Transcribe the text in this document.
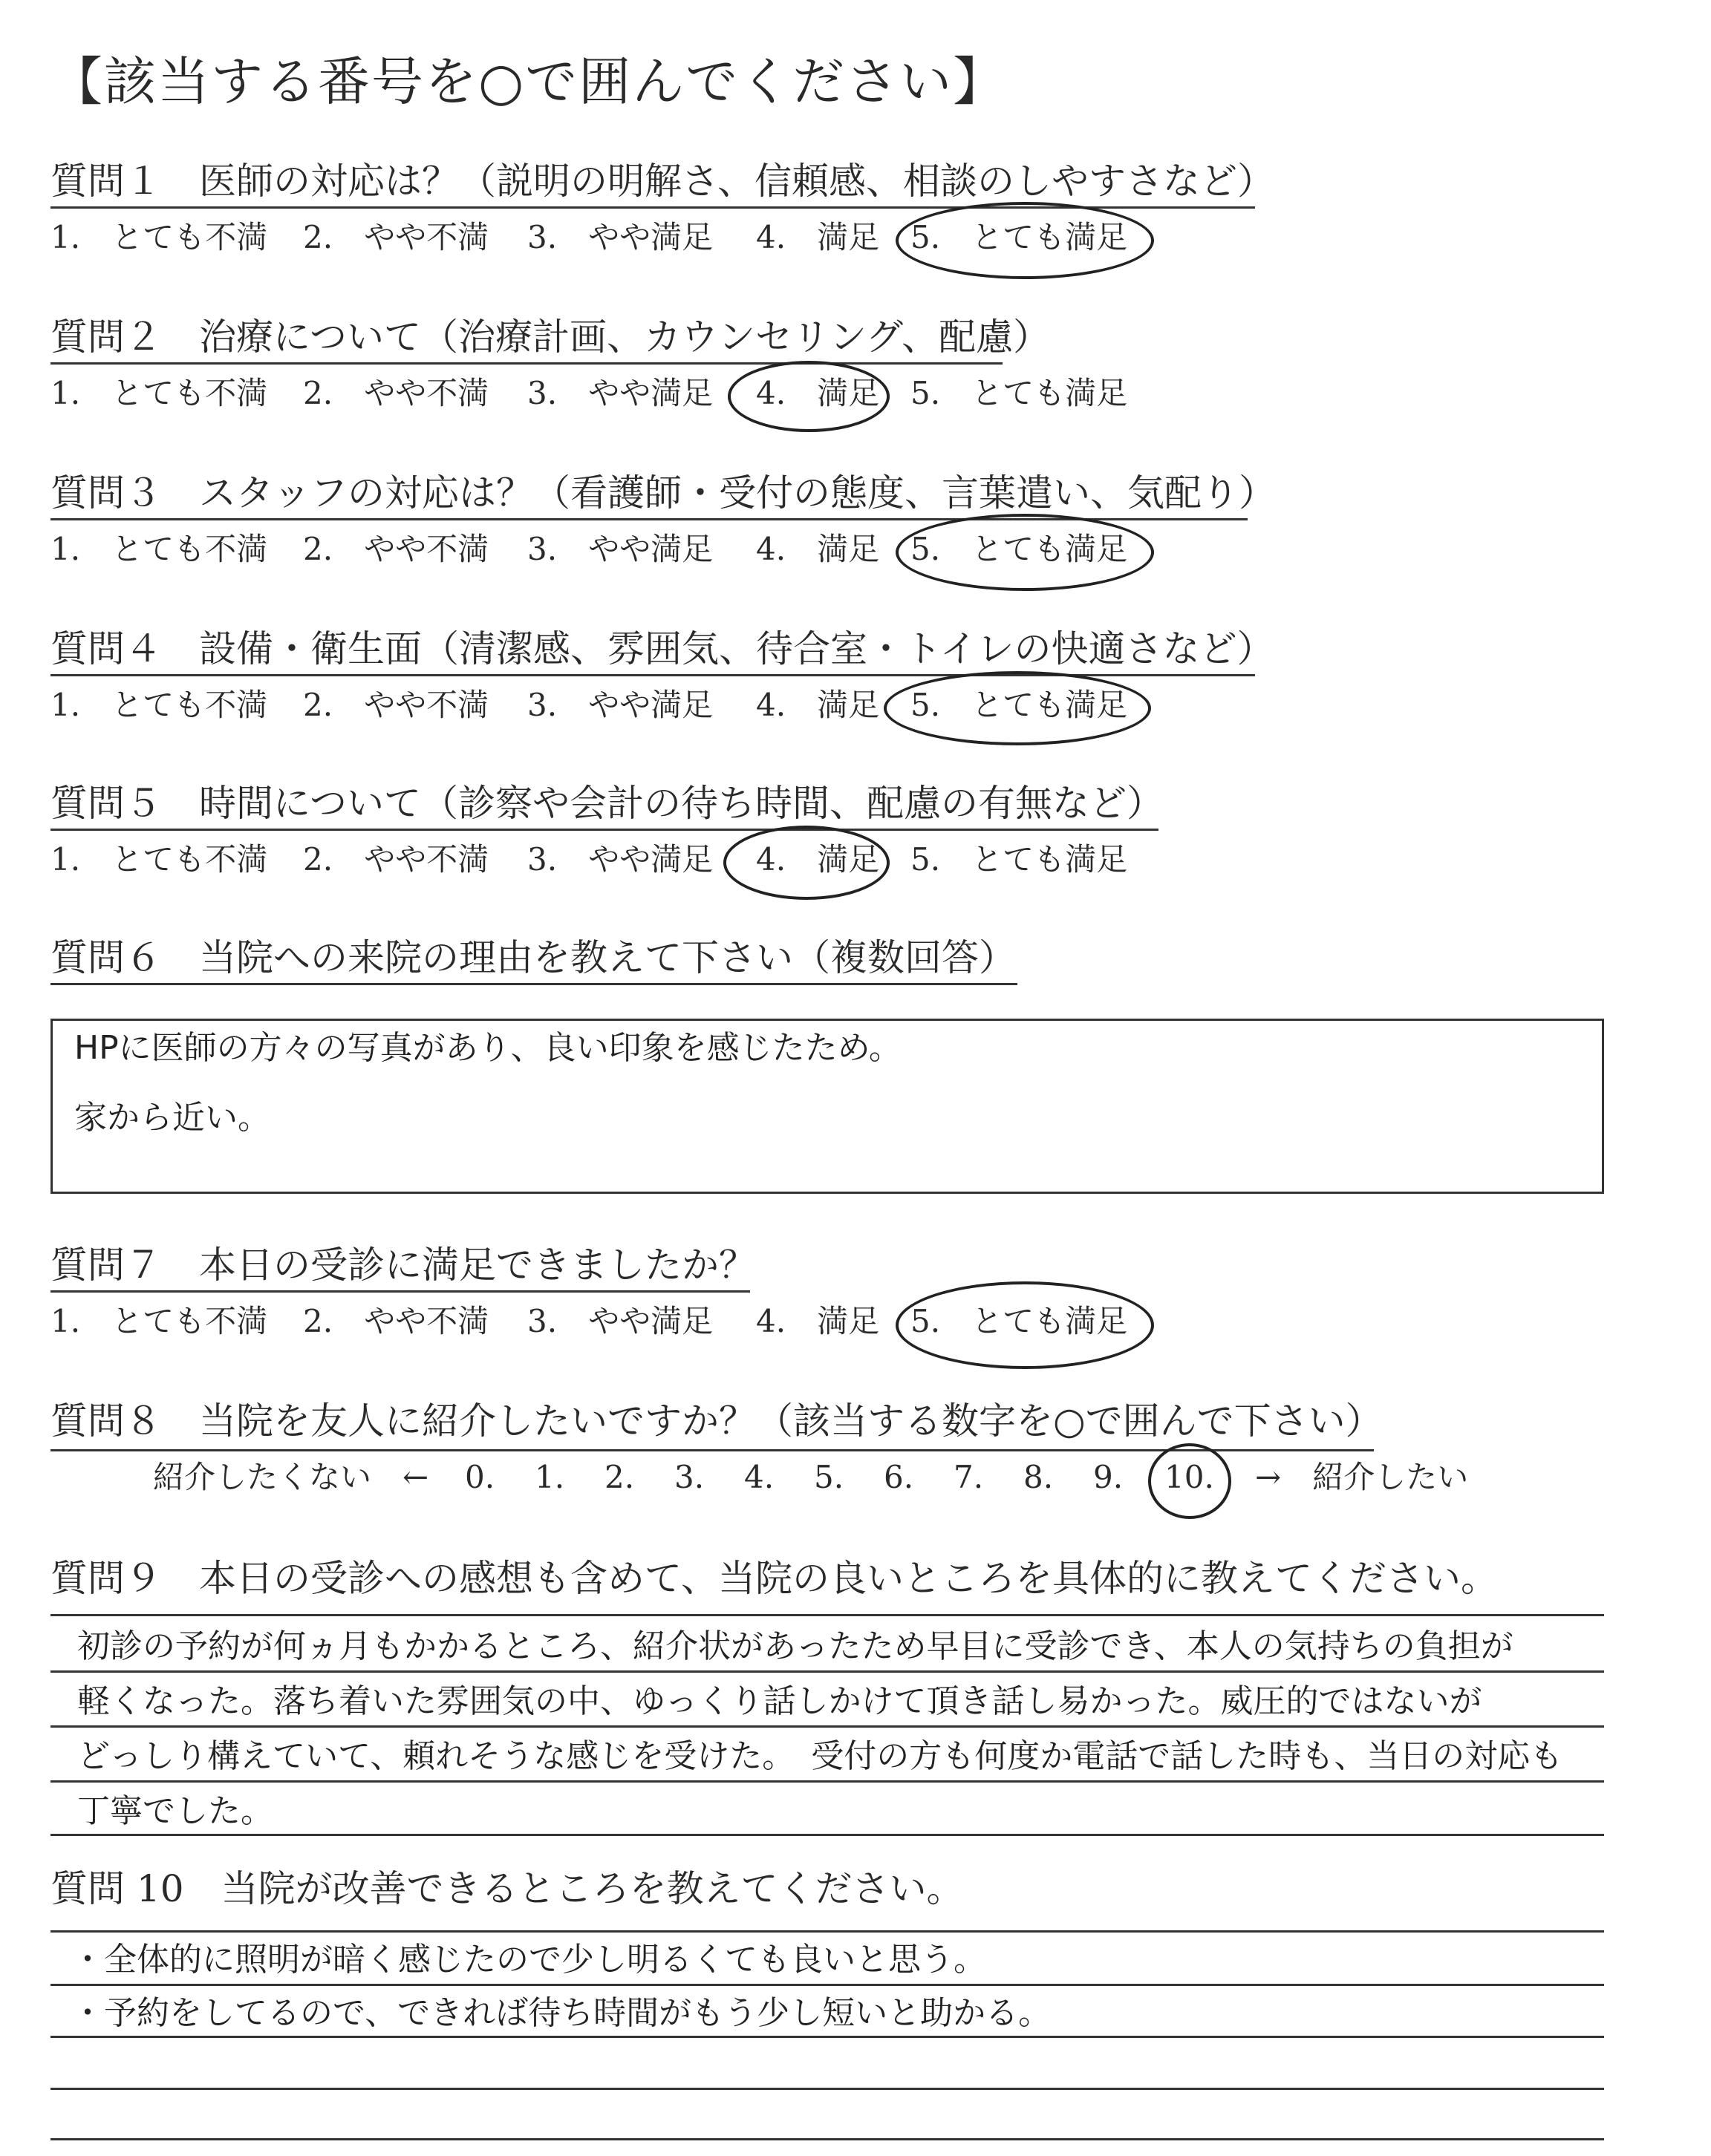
【該当する番号を○で囲んでください】
質問１　医師の対応は？（説明の明解さ、信頼感、相談のしやすさなど）
1.　とても不満 2.　やや不満 3.　やや満足 4.　満足 5.　とても満足
質問２　治療について（治療計画、カウンセリング、配慮）
1.　とても不満 2.　やや不満 3.　やや満足 4.　満足 5.　とても満足
質問３　スタッフの対応は？（看護師・受付の態度、言葉遣い、気配り）
1.　とても不満 2.　やや不満 3.　やや満足 4.　満足 5.　とても満足
質問４　設備・衛生面（清潔感、雰囲気、待合室・トイレの快適さなど）
1.　とても不満 2.　やや不満 3.　やや満足 4.　満足 5.　とても満足
質問５　時間について（診察や会計の待ち時間、配慮の有無など）
1.　とても不満 2.　やや不満 3.　やや満足 4.　満足 5.　とても満足
質問６　当院への来院の理由を教えて下さい（複数回答）
HPに医師の方々の写真があり、良い印象を感じたため。
家から近い。
質問７　本日の受診に満足できましたか？
1.　とても不満 2.　やや不満 3.　やや満足 4.　満足 5.　とても満足
質問８　当院を友人に紹介したいですか？（該当する数字を○で囲んで下さい）
紹介したくない　← 0. 1. 2. 3. 4. 5. 6. 7. 8. 9. 10. →　紹介したい
質問９　本日の受診への感想も含めて、当院の良いところを具体的に教えてください。
初診の予約が何ヵ月もかかるところ、紹介状があったため早目に受診でき、本人の気持ちの負担が
軽くなった。落ち着いた雰囲気の中、ゆっくり話しかけて頂き話し易かった。威圧的ではないが
どっしり構えていて、頼れそうな感じを受けた。　受付の方も何度か電話で話した時も、当日の対応も
丁寧でした。
質問 10　当院が改善できるところを教えてください。
・全体的に照明が暗く感じたので少し明るくても良いと思う。
・予約をしてるので、できれば待ち時間がもう少し短いと助かる。
